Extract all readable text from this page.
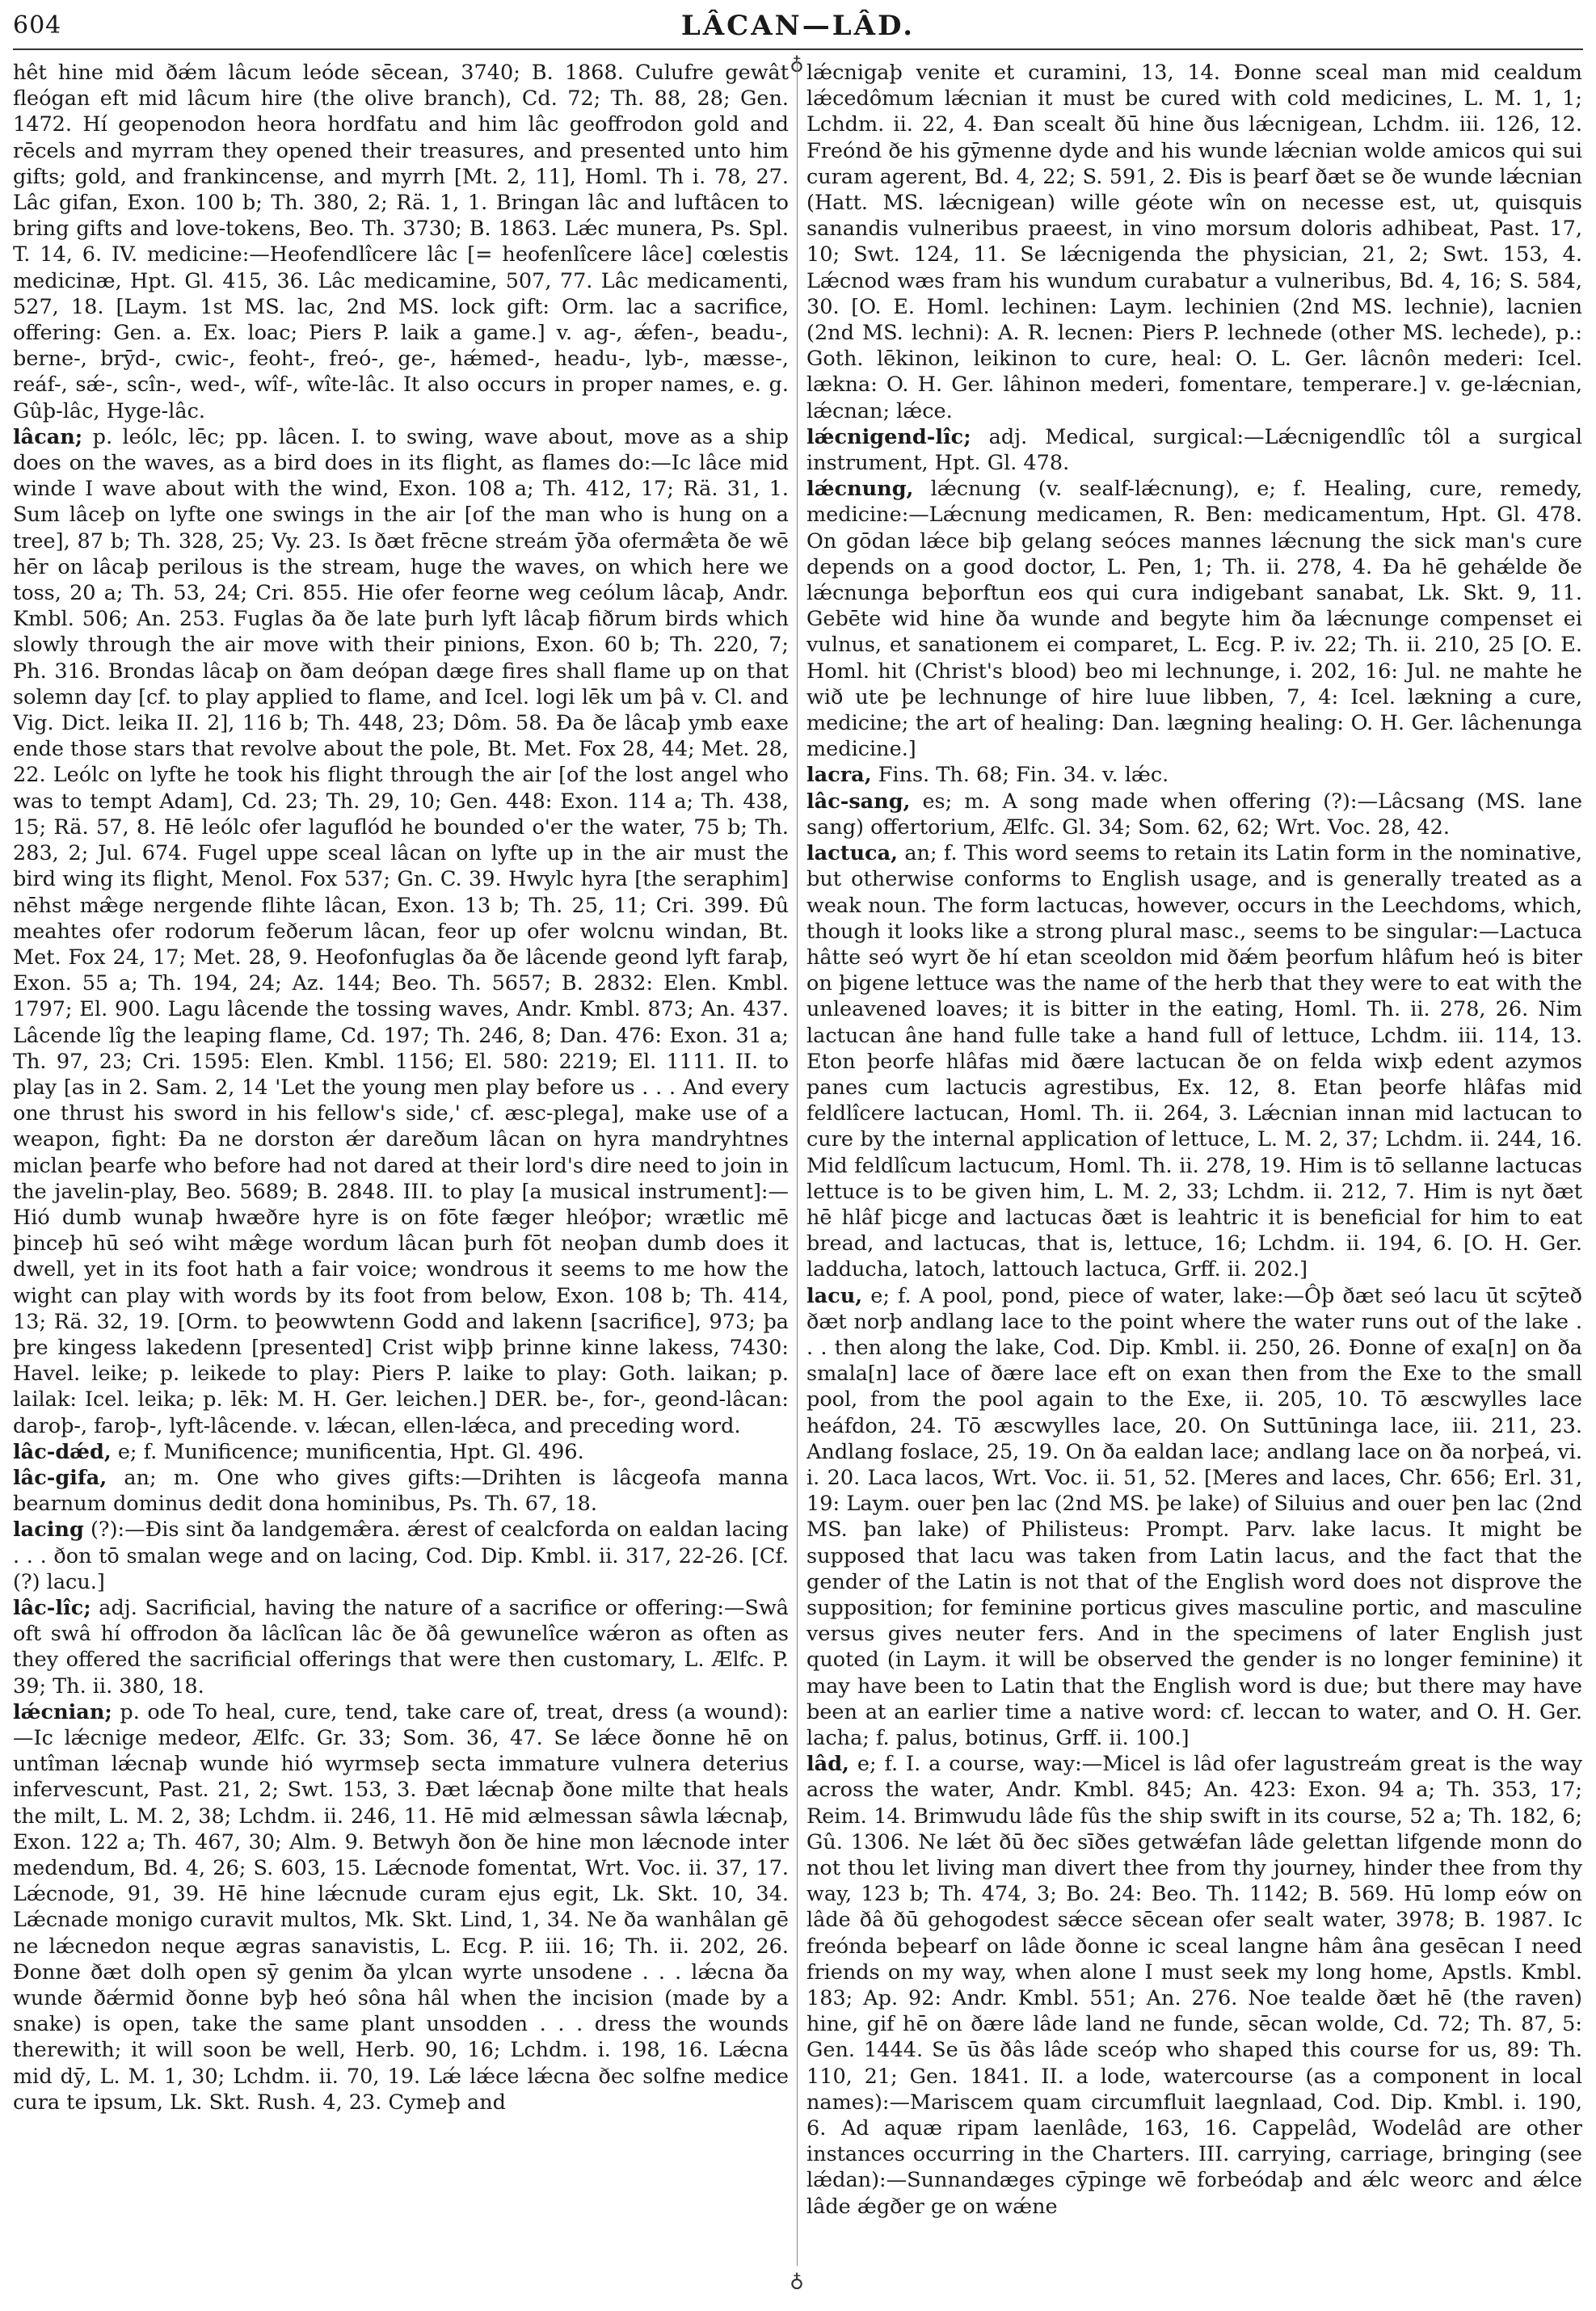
604	LÂCAN—LÂD.
♁
♁

hêt hine mid ðǽm lâcum leóde sēcean, 3740; B. 1868. Culufre gewât fleógan eft mid lâcum hire (the olive branch), Cd. 72; Th. 88, 28; Gen. 1472. Hí geopenodon heora hordfatu and him lâc geoffrodon gold and rēcels and myrram they opened their treasures, and presented unto him gifts; gold, and frankincense, and myrrh [Mt. 2, 11], Homl. Th i. 78, 27. Lâc gifan, Exon. 100 b; Th. 380, 2; Rä. 1, 1. Bringan lâc and luftâcen to bring gifts and love-tokens, Beo. Th. 3730; B. 1863. Lǽc munera, Ps. Spl. T. 14, 6. IV. medicine:—Heofendlîcere lâc [= heofenlîcere lâce] cœlestis medicinæ, Hpt. Gl. 415, 36. Lâc medicamine, 507, 77. Lâc medicamenti, 527, 18. [Laym. 1st MS. lac, 2nd MS. lock gift: Orm. lac a sacrifice, offering: Gen. a. Ex. loac; Piers P. laik a game.] v. ag-, ǽfen-, beadu-, berne-, brȳd-, cwic-, feoht-, freó-, ge-, hǽmed-, headu-, lyb-, mæsse-, reáf-, sǽ-, scîn-, wed-, wîf-, wîte-lâc. It also occurs in proper names, e. g. Gûþ-lâc, Hyge-lâc.

lâcan; p. leólc, lēc; pp. lâcen. I. to swing, wave about, move as a ship does on the waves, as a bird does in its flight, as flames do:—Ic lâce mid winde I wave about with the wind, Exon. 108 a; Th. 412, 17; Rä. 31, 1. Sum lâceþ on lyfte one swings in the air [of the man who is hung on a tree], 87 b; Th. 328, 25; Vy. 23. Is ðæt frēcne streám ȳða ofermæ̂ta ðe wē hēr on lâcaþ perilous is the stream, huge the waves, on which here we toss, 20 a; Th. 53, 24; Cri. 855. Hie ofer feorne weg ceólum lâcaþ, Andr. Kmbl. 506; An. 253. Fuglas ða ðe late þurh lyft lâcaþ fiðrum birds which slowly through the air move with their pinions, Exon. 60 b; Th. 220, 7; Ph. 316. Brondas lâcaþ on ðam deópan dæge fires shall flame up on that solemn day [cf. to play applied to flame, and Icel. logi lēk um þâ v. Cl. and Vig. Dict. leika II. 2], 116 b; Th. 448, 23; Dôm. 58. Ða ðe lâcaþ ymb eaxe ende those stars that revolve about the pole, Bt. Met. Fox 28, 44; Met. 28, 22. Leólc on lyfte he took his flight through the air [of the lost angel who was to tempt Adam], Cd. 23; Th. 29, 10; Gen. 448: Exon. 114 a; Th. 438, 15; Rä. 57, 8. Hē leólc ofer laguflód he bounded o'er the water, 75 b; Th. 283, 2; Jul. 674. Fugel uppe sceal lâcan on lyfte up in the air must the bird wing its flight, Menol. Fox 537; Gn. C. 39. Hwylc hyra [the seraphim] nēhst mæ̂ge nergende flihte lâcan, Exon. 13 b; Th. 25, 11; Cri. 399. Ðû meahtes ofer rodorum feðerum lâcan, feor up ofer wolcnu windan, Bt. Met. Fox 24, 17; Met. 28, 9. Heofonfuglas ða ðe lâcende geond lyft faraþ, Exon. 55 a; Th. 194, 24; Az. 144; Beo. Th. 5657; B. 2832: Elen. Kmbl. 1797; El. 900. Lagu lâcende the tossing waves, Andr. Kmbl. 873; An. 437. Lâcende lîg the leaping flame, Cd. 197; Th. 246, 8; Dan. 476: Exon. 31 a; Th. 97, 23; Cri. 1595: Elen. Kmbl. 1156; El. 580: 2219; El. 1111. II. to play [as in 2. Sam. 2, 14 'Let the young men play before us . . . And every one thrust his sword in his fellow's side,' cf. æsc-plega], make use of a weapon, fight: Ða ne dorston ǽr dareðum lâcan on hyra mandryhtnes miclan þearfe who before had not dared at their lord's dire need to join in the javelin-play, Beo. 5689; B. 2848. III. to play [a musical instrument]:—Hió dumb wunaþ hwæðre hyre is on fōte fæger hleóþor; wrætlic mē þinceþ hū seó wiht mæ̂ge wordum lâcan þurh fōt neoþan dumb does it dwell, yet in its foot hath a fair voice; wondrous it seems to me how the wight can play with words by its foot from below, Exon. 108 b; Th. 414, 13; Rä. 32, 19. [Orm. to þeowwtenn Godd and lakenn [sacrifice], 973; þa þre kingess lakedenn [presented] Crist wiþþ þrinne kinne lakess, 7430: Havel. leike; p. leikede to play: Piers P. laike to play: Goth. laikan; p. lailak: Icel. leika; p. lēk: M. H. Ger. leichen.] DER. be-, for-, geond-lâcan: daroþ-, faroþ-, lyft-lâcende. v. lǽcan, ellen-lǽca, and preceding word.

lâc-dǽd, e; f. Munificence; munificentia, Hpt. Gl. 496.

lâc-gifa, an; m. One who gives gifts:—Drihten is lâcgeofa manna bearnum dominus dedit dona hominibus, Ps. Th. 67, 18.

lacing (?):—Ðis sint ða landgemæ̂ra. ǽrest of cealcforda on ealdan lacing . . . ðon tō smalan wege and on lacing, Cod. Dip. Kmbl. ii. 317, 22-26. [Cf. (?) lacu.]

lâc-lîc; adj. Sacrificial, having the nature of a sacrifice or offering:—Swâ oft swâ hí offrodon ða lâclîcan lâc ðe ðâ gewunelîce wǽron as often as they offered the sacrificial offerings that were then customary, L. Ælfc. P. 39; Th. ii. 380, 18.

lǽcnian; p. ode To heal, cure, tend, take care of, treat, dress (a wound):—Ic lǽcnige medeor, Ælfc. Gr. 33; Som. 36, 47. Se lǽce ðonne hē on untîman lǽcnaþ wunde hió wyrmseþ secta immature vulnera deterius infervescunt, Past. 21, 2; Swt. 153, 3. Ðæt lǽcnaþ ðone milte that heals the milt, L. M. 2, 38; Lchdm. ii. 246, 11. Hē mid ælmessan sâwla lǽcnaþ, Exon. 122 a; Th. 467, 30; Alm. 9. Betwyh ðon ðe hine mon lǽcnode inter medendum, Bd. 4, 26; S. 603, 15. Lǽcnode fomentat, Wrt. Voc. ii. 37, 17. Lǽcnode, 91, 39. Hē hine lǽcnude curam ejus egit, Lk. Skt. 10, 34. Lǽcnade monigo curavit multos, Mk. Skt. Lind, 1, 34. Ne ða wanhâlan gē ne lǽcnedon neque ægras sanavistis, L. Ecg. P. iii. 16; Th. ii. 202, 26. Ðonne ðæt dolh open sȳ genim ða ylcan wyrte unsodene . . . lǽcna ða wunde ðǽrmid ðonne byþ heó sôna hâl when the incision (made by a snake) is open, take the same plant unsodden . . . dress the wounds therewith; it will soon be well, Herb. 90, 16; Lchdm. i. 198, 16. Lǽcna mid dȳ, L. M. 1, 30; Lchdm. ii. 70, 19. Lǽ lǽce lǽcna ðec solfne medice cura te ipsum, Lk. Skt. Rush. 4, 23. Cymeþ and

lǽcnigaþ venite et curamini, 13, 14. Ðonne sceal man mid cealdum lǽcedômum lǽcnian it must be cured with cold medicines, L. M. 1, 1; Lchdm. ii. 22, 4. Ðan scealt ðū hine ðus lǽcnigean, Lchdm. iii. 126, 12. Freónd ðe his gȳmenne dyde and his wunde lǽcnian wolde amicos qui sui curam agerent, Bd. 4, 22; S. 591, 2. Ðis is þearf ðæt se ðe wunde lǽcnian (Hatt. MS. lǽcnigean) wille géote wîn on necesse est, ut, quisquis sanandis vulneribus praeest, in vino morsum doloris adhibeat, Past. 17, 10; Swt. 124, 11. Se lǽcnigenda the physician, 21, 2; Swt. 153, 4. Lǽcnod wæs fram his wundum curabatur a vulneribus, Bd. 4, 16; S. 584, 30. [O. E. Homl. lechinen: Laym. lechinien (2nd MS. lechnie), lacnien (2nd MS. lechni): A. R. lecnen: Piers P. lechnede (other MS. lechede), p.: Goth. lēkinon, leikinon to cure, heal: O. L. Ger. lâcnôn mederi: Icel. lækna: O. H. Ger. lâhinon mederi, fomentare, temperare.] v. ge-lǽcnian, lǽcnan; lǽce.

lǽcnigend-lîc; adj. Medical, surgical:—Lǽcnigendlîc tôl a surgical instrument, Hpt. Gl. 478.

lǽcnung, lǽcnung (v. sealf-lǽcnung), e; f. Healing, cure, remedy, medicine:—Lǽcnung medicamen, R. Ben: medicamentum, Hpt. Gl. 478. On gōdan lǽce biþ gelang seóces mannes lǽcnung the sick man's cure depends on a good doctor, L. Pen, 1; Th. ii. 278, 4. Ða hē gehǽlde ðe lǽcnunga beþorftun eos qui cura indigebant sanabat, Lk. Skt. 9, 11. Gebēte wid hine ða wunde and begyte him ða lǽcnunge compenset ei vulnus, et sanationem ei comparet, L. Ecg. P. iv. 22; Th. ii. 210, 25 [O. E. Homl. hit (Christ's blood) beo mi lechnunge, i. 202, 16: Jul. ne mahte he wið ute þe lechnunge of hire luue libben, 7, 4: Icel. lækning a cure, medicine; the art of healing: Dan. lægning healing: O. H. Ger. lâchenunga medicine.]

lacra, Fins. Th. 68; Fin. 34. v. lǽc.

lâc-sang, es; m. A song made when offering (?):—Lâcsang (MS. lane sang) offertorium, Ælfc. Gl. 34; Som. 62, 62; Wrt. Voc. 28, 42.

lactuca, an; f. This word seems to retain its Latin form in the nominative, but otherwise conforms to English usage, and is generally treated as a weak noun. The form lactucas, however, occurs in the Leechdoms, which, though it looks like a strong plural masc., seems to be singular:—Lactuca hâtte seó wyrt ðe hí etan sceoldon mid ðǽm þeorfum hlâfum heó is biter on þigene lettuce was the name of the herb that they were to eat with the unleavened loaves; it is bitter in the eating, Homl. Th. ii. 278, 26. Nim lactucan âne hand fulle take a hand full of lettuce, Lchdm. iii. 114, 13. Eton þeorfe hlâfas mid ðære lactucan ðe on felda wixþ edent azymos panes cum lactucis agrestibus, Ex. 12, 8. Etan þeorfe hlâfas mid feldlîcere lactucan, Homl. Th. ii. 264, 3. Lǽcnian innan mid lactucan to cure by the internal application of lettuce, L. M. 2, 37; Lchdm. ii. 244, 16. Mid feldlîcum lactucum, Homl. Th. ii. 278, 19. Him is tō sellanne lactucas lettuce is to be given him, L. M. 2, 33; Lchdm. ii. 212, 7. Him is nyt ðæt hē hlâf þicge and lactucas ðæt is leahtric it is beneficial for him to eat bread, and lactucas, that is, lettuce, 16; Lchdm. ii. 194, 6. [O. H. Ger. ladducha, latoch, lattouch lactuca, Grff. ii. 202.]

lacu, e; f. A pool, pond, piece of water, lake:—Ôþ ðæt seó lacu ūt scȳteð ðæt norþ andlang lace to the point where the water runs out of the lake . . . then along the lake, Cod. Dip. Kmbl. ii. 250, 26. Ðonne of exa[n] on ða smala[n] lace of ðære lace eft on exan then from the Exe to the small pool, from the pool again to the Exe, ii. 205, 10. Tō æscwylles lace heáfdon, 24. Tō æscwylles lace, 20. On Suttūninga lace, iii. 211, 23. Andlang foslace, 25, 19. On ða ealdan lace; andlang lace on ða norþeá, vi. i. 20. Laca lacos, Wrt. Voc. ii. 51, 52. [Meres and laces, Chr. 656; Erl. 31, 19: Laym. ouer þen lac (2nd MS. þe lake) of Siluius and ouer þen lac (2nd MS. þan lake) of Philisteus: Prompt. Parv. lake lacus. It might be supposed that lacu was taken from Latin lacus, and the fact that the gender of the Latin is not that of the English word does not disprove the supposition; for feminine porticus gives masculine portic, and masculine versus gives neuter fers. And in the specimens of later English just quoted (in Laym. it will be observed the gender is no longer feminine) it may have been to Latin that the English word is due; but there may have been at an earlier time a native word: cf. leccan to water, and O. H. Ger. lacha; f. palus, botinus, Grff. ii. 100.]

lâd, e; f. I. a course, way:—Micel is lâd ofer lagustreám great is the way across the water, Andr. Kmbl. 845; An. 423: Exon. 94 a; Th. 353, 17; Reim. 14. Brimwudu lâde fûs the ship swift in its course, 52 a; Th. 182, 6; Gû. 1306. Ne lǽt ðū ðec sīðes getwǽfan lâde gelettan lifgende monn do not thou let living man divert thee from thy journey, hinder thee from thy way, 123 b; Th. 474, 3; Bo. 24: Beo. Th. 1142; B. 569. Hū lomp eów on lâde ðâ ðū gehogodest sǽcce sēcean ofer sealt water, 3978; B. 1987. Ic freónda beþearf on lâde ðonne ic sceal langne hâm âna gesēcan I need friends on my way, when alone I must seek my long home, Apstls. Kmbl. 183; Ap. 92: Andr. Kmbl. 551; An. 276. Noe tealde ðæt hē (the raven) hine, gif hē on ðære lâde land ne funde, sēcan wolde, Cd. 72; Th. 87, 5: Gen. 1444. Se ūs ðâs lâde sceóp who shaped this course for us, 89: Th. 110, 21; Gen. 1841. II. a lode, watercourse (as a component in local names):—Mariscem quam circumfluit laegnlaad, Cod. Dip. Kmbl. i. 190, 6. Ad aquæ ripam laenlâde, 163, 16. Cappelâd, Wodelâd are other instances occurring in the Charters. III. carrying, carriage, bringing (see lǽdan):—Sunnandæges cȳpinge wē forbeódaþ and ǽlc weorc and ǽlce lâde ǽgðer ge on wǽne
